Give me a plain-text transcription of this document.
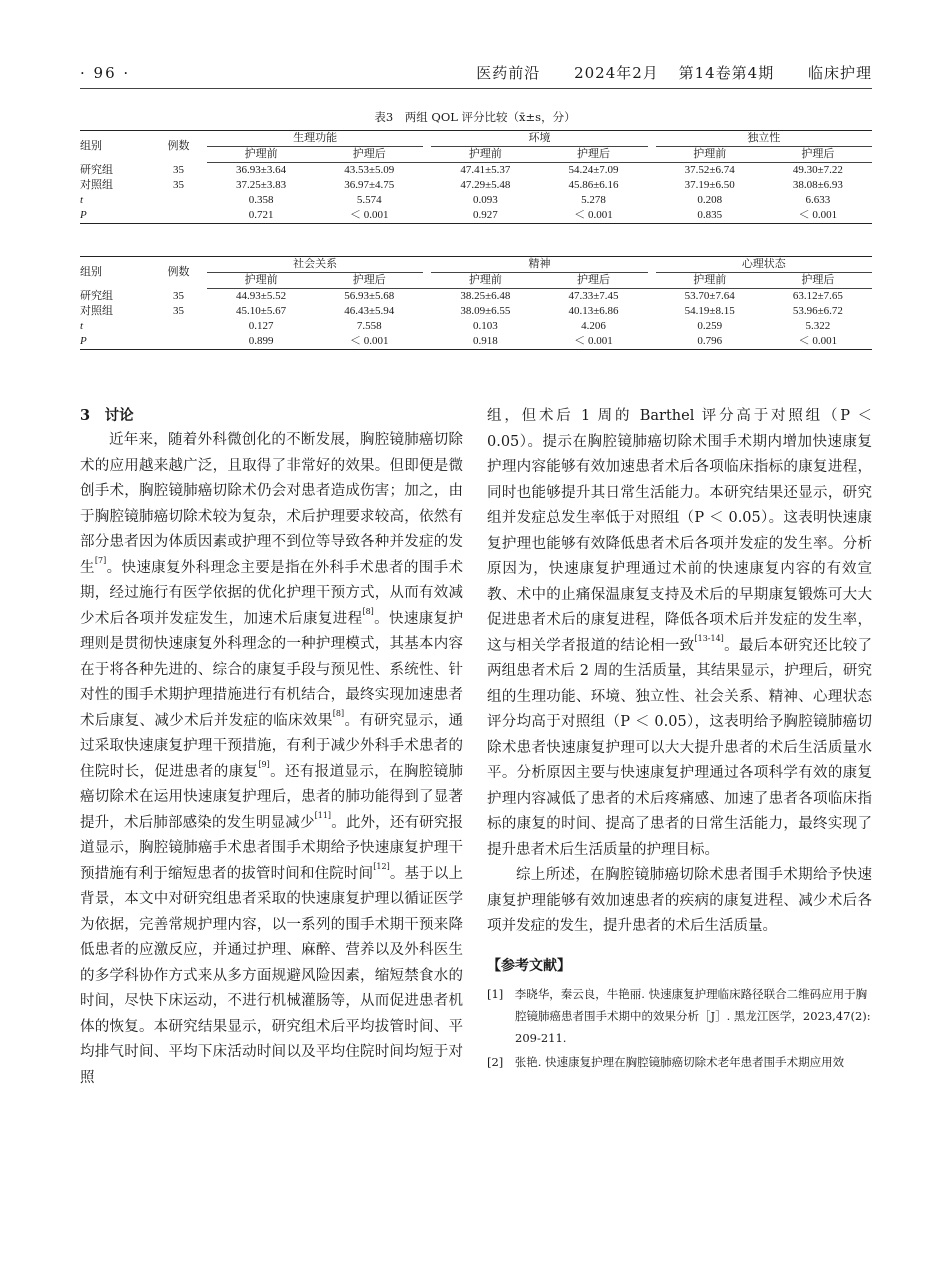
· 96 ·	医药前沿 2024年2月 第14卷第4期 临床护理
表3　两组 QOL 评分比较（x̄±s，分）
组别	例数	生理功能			环境			独立性	
		护理前	护理后		护理前	护理后		护理前	护理后
研究组	35	36.93±3.64	43.53±5.09		47.41±5.37	54.24±7.09		37.52±6.74	49.30±7.22
对照组	35	37.25±3.83	36.97±4.75		47.29±5.48	45.86±6.16		37.19±6.50	38.08±6.93
t		0.358	5.574		0.093	5.278		0.208	6.633
P		0.721	＜ 0.001		0.927	＜ 0.001		0.835	＜ 0.001
组别	例数	社会关系			精神			心理状态	
		护理前	护理后		护理前	护理后		护理前	护理后
研究组	35	44.93±5.52	56.93±5.68		38.25±6.48	47.33±7.45		53.70±7.64	63.12±7.65
对照组	35	45.10±5.67	46.43±5.94		38.09±6.55	40.13±6.86		54.19±8.15	53.96±6.72
t		0.127	7.558		0.103	4.206		0.259	5.322
P		0.899	＜ 0.001		0.918	＜ 0.001		0.796	＜ 0.001
3　讨论

近年来，随着外科微创化的不断发展，胸腔镜肺癌切除术的应用越来越广泛，且取得了非常好的效果。但即便是微创手术，胸腔镜肺癌切除术仍会对患者造成伤害；加之，由于胸腔镜肺癌切除术较为复杂，术后护理要求较高，依然有部分患者因为体质因素或护理不到位等导致各种并发症的发生[7]。快速康复外科理念主要是指在外科手术患者的围手术期，经过施行有医学依据的优化护理干预方式，从而有效减少术后各项并发症发生，加速术后康复进程[8]。快速康复护理则是贯彻快速康复外科理念的一种护理模式，其基本内容在于将各种先进的、综合的康复手段与预见性、系统性、针对性的围手术期护理措施进行有机结合，最终实现加速患者术后康复、减少术后并发症的临床效果[8]。有研究显示，通过采取快速康复护理干预措施，有利于减少外科手术患者的住院时长，促进患者的康复[9]。还有报道显示，在胸腔镜肺癌切除术在运用快速康复护理后，患者的肺功能得到了显著提升，术后肺部感染的发生明显减少[11]。此外，还有研究报道显示，胸腔镜肺癌手术患者围手术期给予快速康复护理干预措施有利于缩短患者的拔管时间和住院时间[12]。基于以上背景，本文中对研究组患者采取的快速康复护理以循证医学为依据，完善常规护理内容，以一系列的围手术期干预来降低患者的应激反应，并通过护理、麻醉、营养以及外科医生的多学科协作方式来从多方面规避风险因素，缩短禁食水的时间，尽快下床运动，不进行机械灌肠等，从而促进患者机体的恢复。本研究结果显示，研究组术后平均拔管时间、平均排气时间、平均下床活动时间以及平均住院时间均短于对照

组，但术后 1 周的 Barthel 评分高于对照组（P ＜ 0.05）。提示在胸腔镜肺癌切除术围手术期内增加快速康复护理内容能够有效加速患者术后各项临床指标的康复进程，同时也能够提升其日常生活能力。本研究结果还显示，研究组并发症总发生率低于对照组（P ＜ 0.05）。这表明快速康复护理也能够有效降低患者术后各项并发症的发生率。分析原因为，快速康复护理通过术前的快速康复内容的有效宣教、术中的止痛保温康复支持及术后的早期康复锻炼可大大促进患者术后的康复进程，降低各项术后并发症的发生率，这与相关学者报道的结论相一致[13-14]。最后本研究还比较了两组患者术后 2 周的生活质量，其结果显示，护理后，研究组的生理功能、环境、独立性、社会关系、精神、心理状态评分均高于对照组（P ＜ 0.05），这表明给予胸腔镜肺癌切除术患者快速康复护理可以大大提升患者的术后生活质量水平。分析原因主要与快速康复护理通过各项科学有效的康复护理内容减低了患者的术后疼痛感、加速了患者各项临床指标的康复的时间、提高了患者的日常生活能力，最终实现了提升患者术后生活质量的护理目标。

综上所述，在胸腔镜肺癌切除术患者围手术期给予快速康复护理能够有效加速患者的疾病的康复进程、减少术后各项并发症的发生，提升患者的术后生活质量。

【参考文献】
[1]　李晓华，秦云良，牛艳丽. 快速康复护理临床路径联合二维码应用于胸腔镜肺癌患者围手术期中的效果分析［J］. 黑龙江医学，2023,47(2): 209-211.
[2]　张艳. 快速康复护理在胸腔镜肺癌切除术老年患者围手术期应用效
